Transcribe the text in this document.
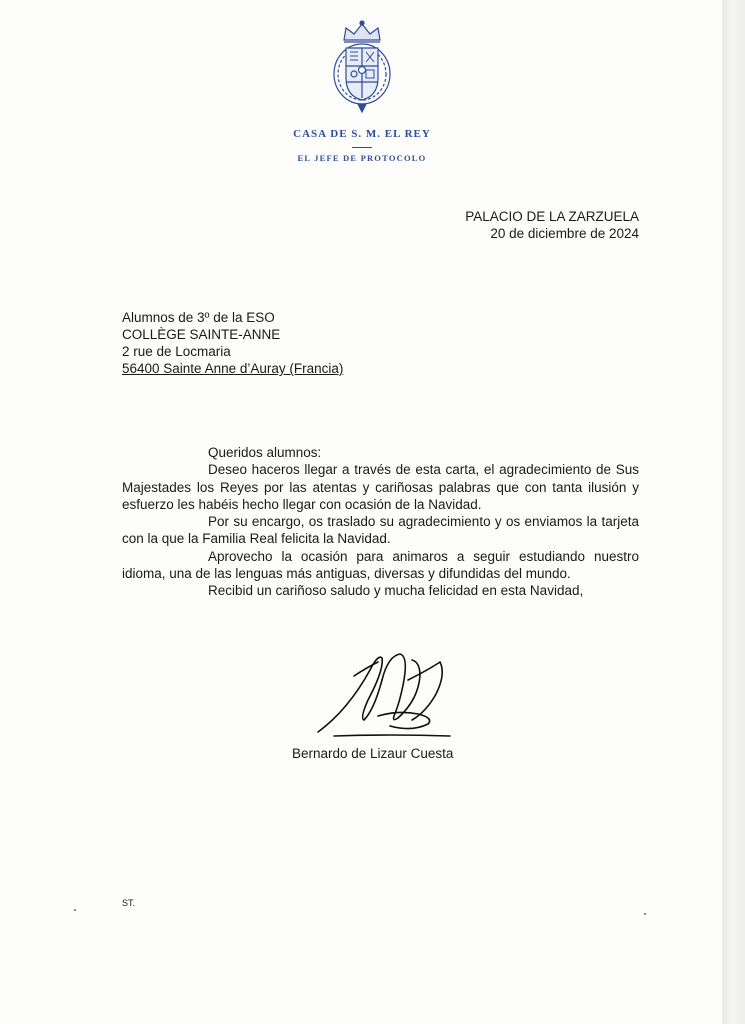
CASA DE S. M. EL REY
EL JEFE DE PROTOCOLO
PALACIO DE LA ZARZUELA
20 de diciembre de 2024
Alumnos de 3º de la ESO
COLLÈGE SAINTE-ANNE
2 rue de Locmaria
56400 Sainte Anne d’Auray (Francia)

Queridos alumnos:

Deseo haceros llegar a través de esta carta, el agradecimiento de Sus Majestades los Reyes por las atentas y cariñosas palabras que con tanta ilusión y esfuerzo les habéis hecho llegar con ocasión de la Navidad.

Por su encargo, os traslado su agradecimiento y os enviamos la tarjeta con la que la Familia Real felicita la Navidad.

Aprovecho la ocasión para animaros a seguir estudiando nuestro idioma, una de las lenguas más antiguas, diversas y difundidas del mundo.

Recibid un cariñoso saludo y mucha felicidad en esta Navidad,

Bernardo de Lizaur Cuesta
ST.
